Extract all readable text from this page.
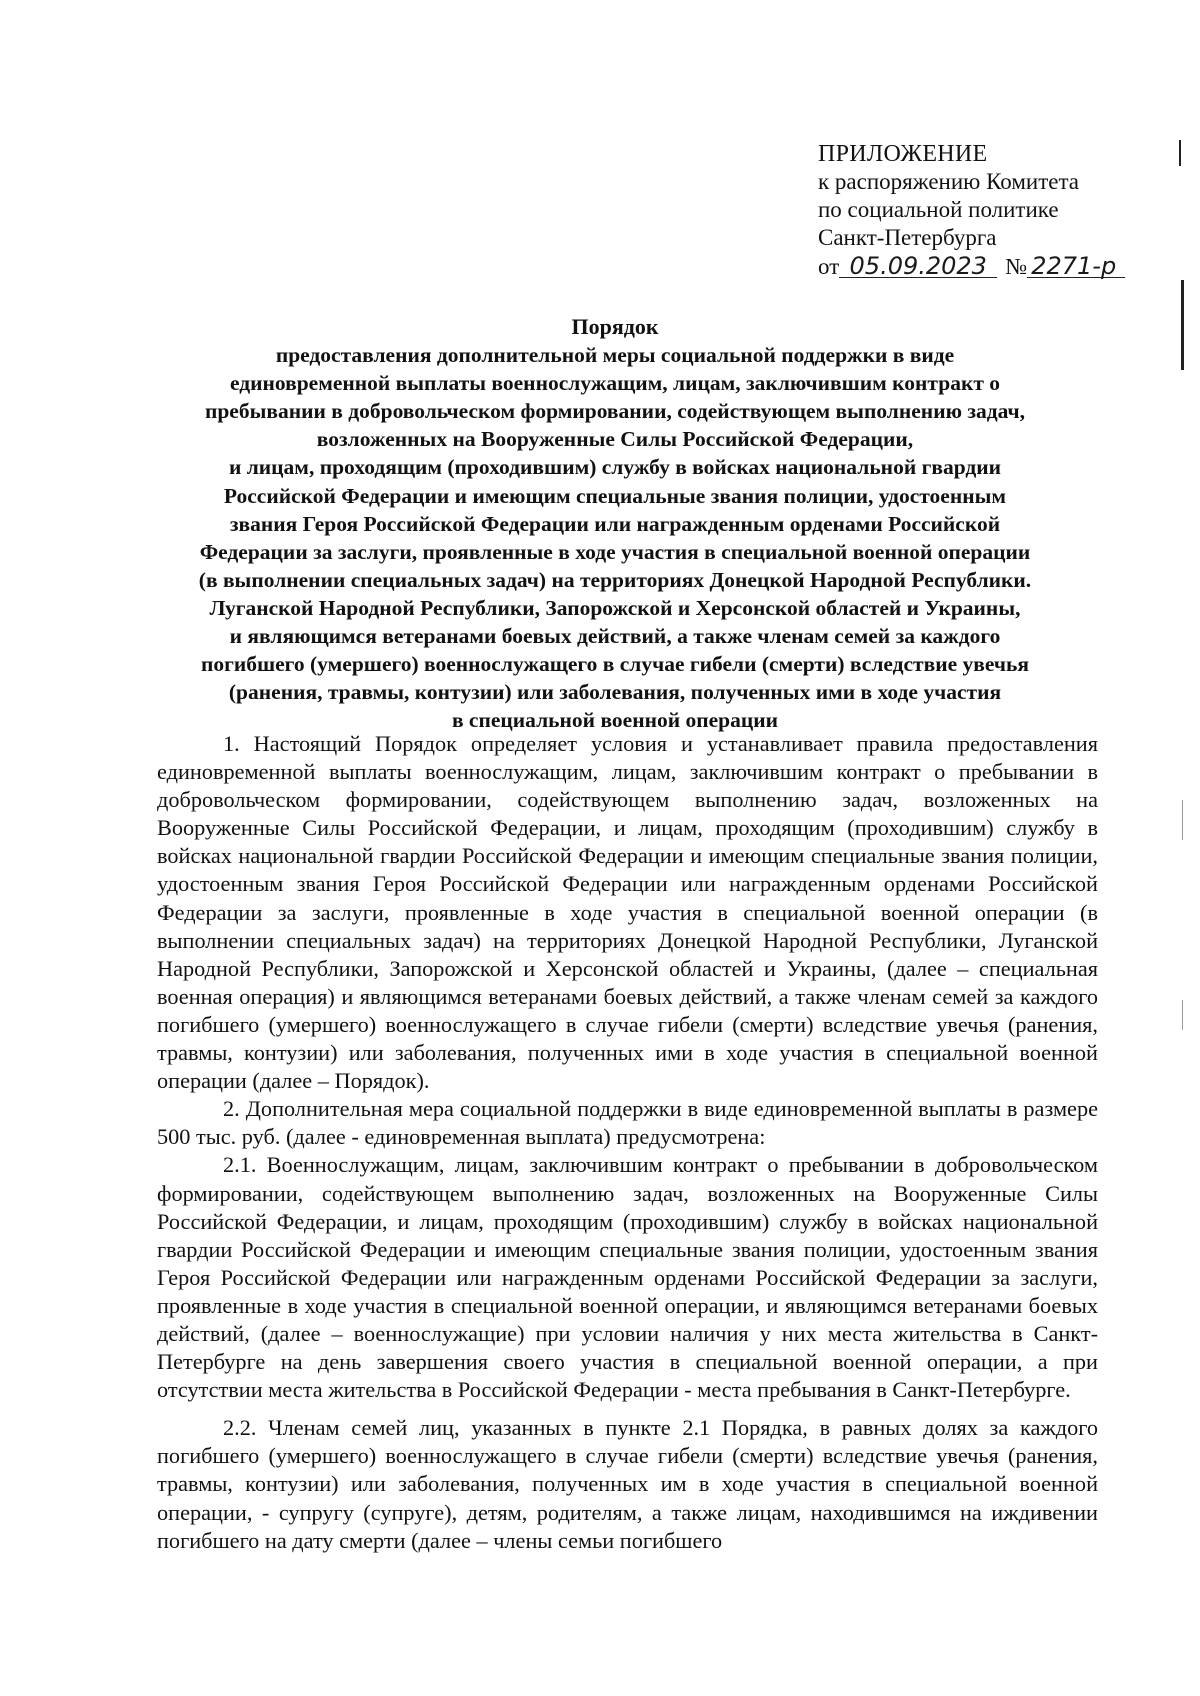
ПРИЛОЖЕНИЕ
к распоряжению Комитета
по социальной политике
Санкт-Петербурга
от 05.09.2023 № 2271-р
Порядок
предоставления дополнительной меры социальной поддержки в виде
единовременной выплаты военнослужащим, лицам, заключившим контракт о
пребывании в добровольческом формировании, содействующем выполнению задач,
возложенных на Вооруженные Силы Российской Федерации,
и лицам, проходящим (проходившим) службу в войсках национальной гвардии
Российской Федерации и имеющим специальные звания полиции, удостоенным
звания Героя Российской Федерации или награжденным орденами Российской
Федерации за заслуги, проявленные в ходе участия в специальной военной операции
(в выполнении специальных задач) на территориях Донецкой Народной Республики.
Луганской Народной Республики, Запорожской и Херсонской областей и Украины,
и являющимся ветеранами боевых действий, а также членам семей за каждого
погибшего (умершего) военнослужащего в случае гибели (смерти) вследствие увечья
(ранения, травмы, контузии) или заболевания, полученных ими в ходе участия
в специальной военной операции

1. Настоящий Порядок определяет условия и устанавливает правила предоставления единовременной выплаты военнослужащим, лицам, заключившим контракт о пребывании в добровольческом формировании, содействующем выполнению задач, возложенных на Вооруженные Силы Российской Федерации, и лицам, проходящим (проходившим) службу в войсках национальной гвардии Российской Федерации и имеющим специальные звания полиции, удостоенным звания Героя Российской Федерации или награжденным орденами Российской Федерации за заслуги, проявленные в ходе участия в специальной военной операции (в выполнении специальных задач) на территориях Донецкой Народной Республики, Луганской Народной Республики, Запорожской и Херсонской областей и Украины, (далее – специальная военная операция) и являющимся ветеранами боевых действий, а также членам семей за каждого погибшего (умершего) военнослужащего в случае гибели (смерти) вследствие увечья (ранения, травмы, контузии) или заболевания, полученных ими в ходе участия в специальной военной операции (далее – Порядок).

2. Дополнительная мера социальной поддержки в виде единовременной выплаты в размере 500 тыс. руб. (далее - единовременная выплата) предусмотрена:

2.1. Военнослужащим, лицам, заключившим контракт о пребывании в добровольческом формировании, содействующем выполнению задач, возложенных на Вооруженные Силы Российской Федерации, и лицам, проходящим (проходившим) службу в войсках национальной гвардии Российской Федерации и имеющим специальные звания полиции, удостоенным звания Героя Российской Федерации или награжденным орденами Российской Федерации за заслуги, проявленные в ходе участия в специальной военной операции, и являющимся ветеранами боевых действий, (далее – военнослужащие) при условии наличия у них места жительства в Санкт-Петербурге на день завершения своего участия в специальной военной операции, а при отсутствии места жительства в Российской Федерации - места пребывания в Санкт-Петербурге.

2.2. Членам семей лиц, указанных в пункте 2.1 Порядка, в равных долях за каждого погибшего (умершего) военнослужащего в случае гибели (смерти) вследствие увечья (ранения, травмы, контузии) или заболевания, полученных им в ходе участия в специальной военной операции, - супругу (супруге), детям, родителям, а также лицам, находившимся на иждивении погибшего на дату смерти (далее – члены семьи погибшего
